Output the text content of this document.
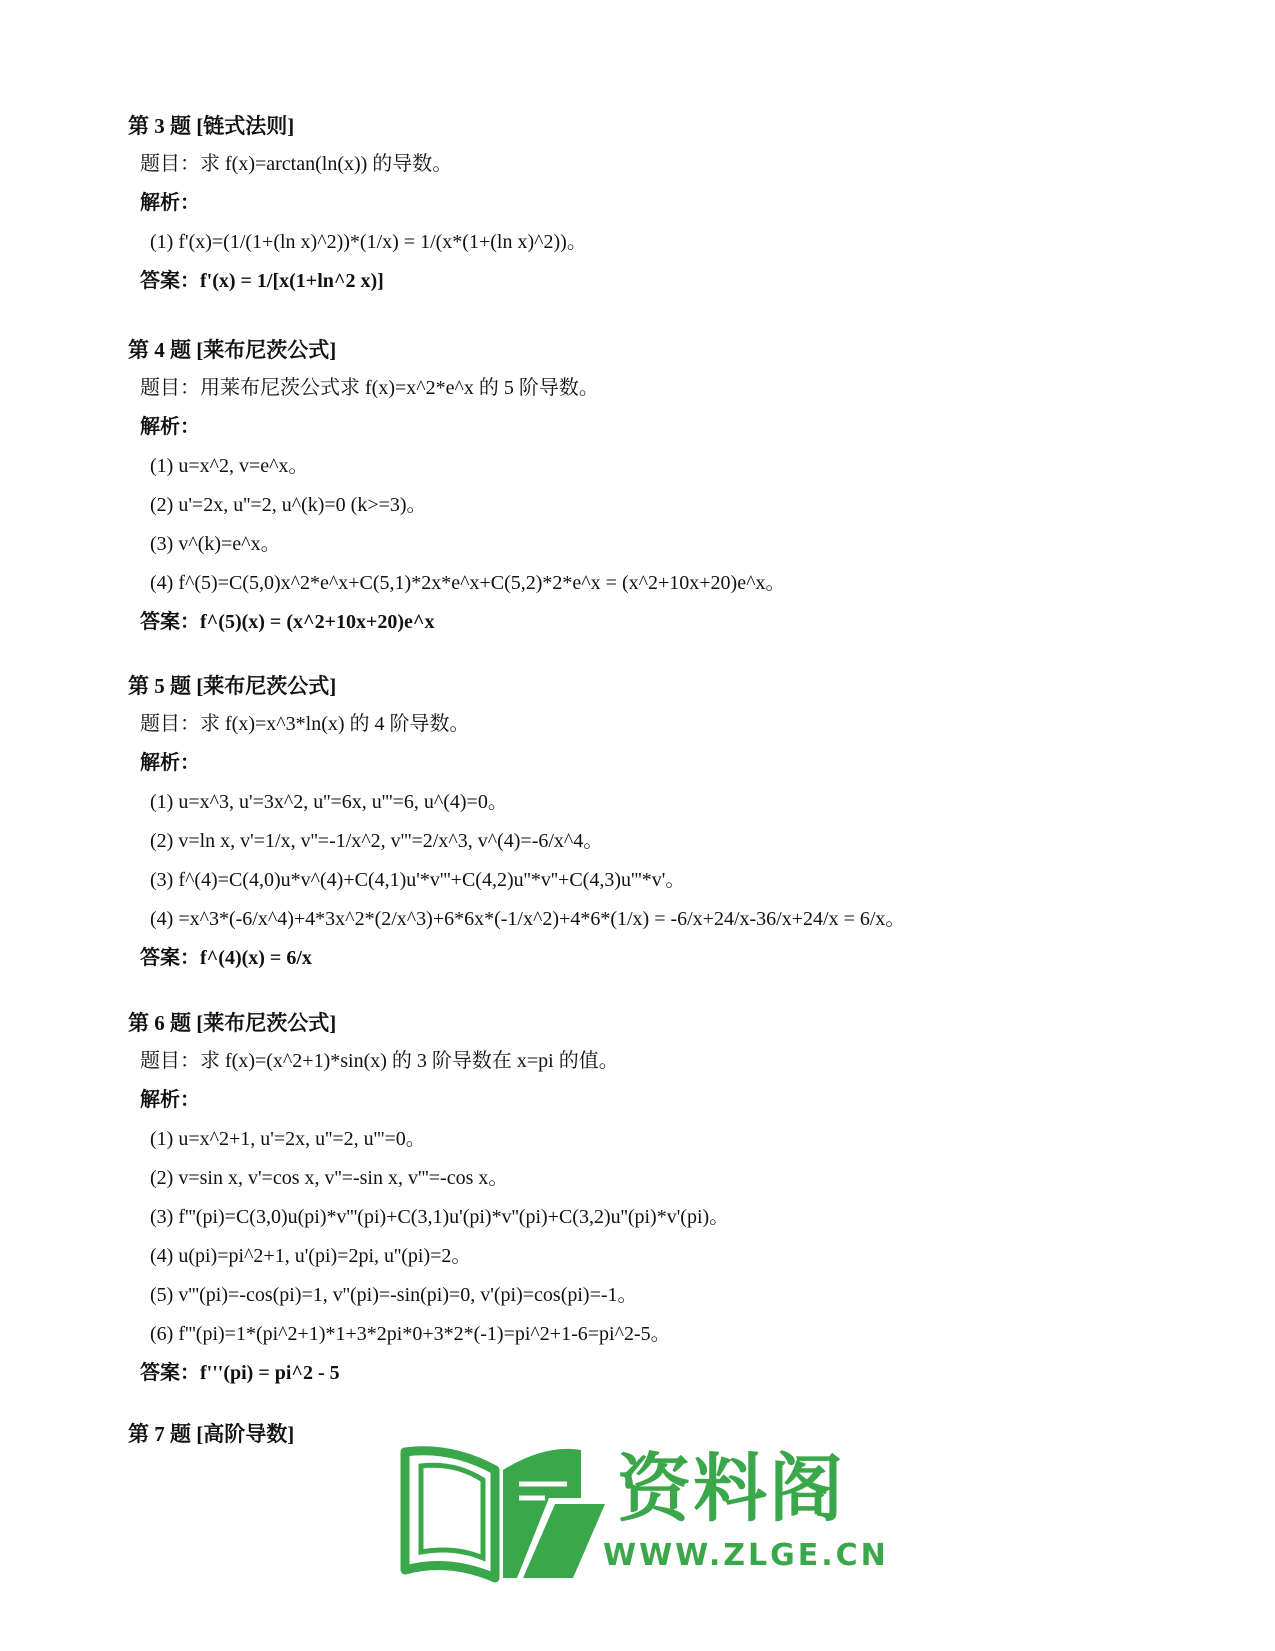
第 3 题 [链式法则]
题目：求 f(x)=arctan(ln(x)) 的导数。
解析：
(1) f'(x)=(1/(1+(ln x)^2))*(1/x) = 1/(x*(1+(ln x)^2))。
答案：f'(x) = 1/[x(1+ln^2 x)]
第 4 题 [莱布尼茨公式]
题目：用莱布尼茨公式求 f(x)=x^2*e^x 的 5 阶导数。
解析：
(1) u=x^2, v=e^x。
(2) u'=2x, u''=2, u^(k)=0 (k>=3)。
(3) v^(k)=e^x。
(4) f^(5)=C(5,0)x^2*e^x+C(5,1)*2x*e^x+C(5,2)*2*e^x = (x^2+10x+20)e^x。
答案：f^(5)(x) = (x^2+10x+20)e^x
第 5 题 [莱布尼茨公式]
题目：求 f(x)=x^3*ln(x) 的 4 阶导数。
解析：
(1) u=x^3, u'=3x^2, u''=6x, u'''=6, u^(4)=0。
(2) v=ln x, v'=1/x, v''=-1/x^2, v'''=2/x^3, v^(4)=-6/x^4。
(3) f^(4)=C(4,0)u*v^(4)+C(4,1)u'*v'''+C(4,2)u''*v''+C(4,3)u'''*v'。
(4) =x^3*(-6/x^4)+4*3x^2*(2/x^3)+6*6x*(-1/x^2)+4*6*(1/x) = -6/x+24/x-36/x+24/x = 6/x。
答案：f^(4)(x) = 6/x
第 6 题 [莱布尼茨公式]
题目：求 f(x)=(x^2+1)*sin(x) 的 3 阶导数在 x=pi 的值。
解析：
(1) u=x^2+1, u'=2x, u''=2, u'''=0。
(2) v=sin x, v'=cos x, v''=-sin x, v'''=-cos x。
(3) f'''(pi)=C(3,0)u(pi)*v'''(pi)+C(3,1)u'(pi)*v''(pi)+C(3,2)u''(pi)*v'(pi)。
(4) u(pi)=pi^2+1, u'(pi)=2pi, u''(pi)=2。
(5) v'''(pi)=-cos(pi)=1, v''(pi)=-sin(pi)=0, v'(pi)=cos(pi)=-1。
(6) f'''(pi)=1*(pi^2+1)*1+3*2pi*0+3*2*(-1)=pi^2+1-6=pi^2-5。
答案：f'''(pi) = pi^2 - 5
第 7 题 [高阶导数]
资料阁
WWW.ZLGE.CN
